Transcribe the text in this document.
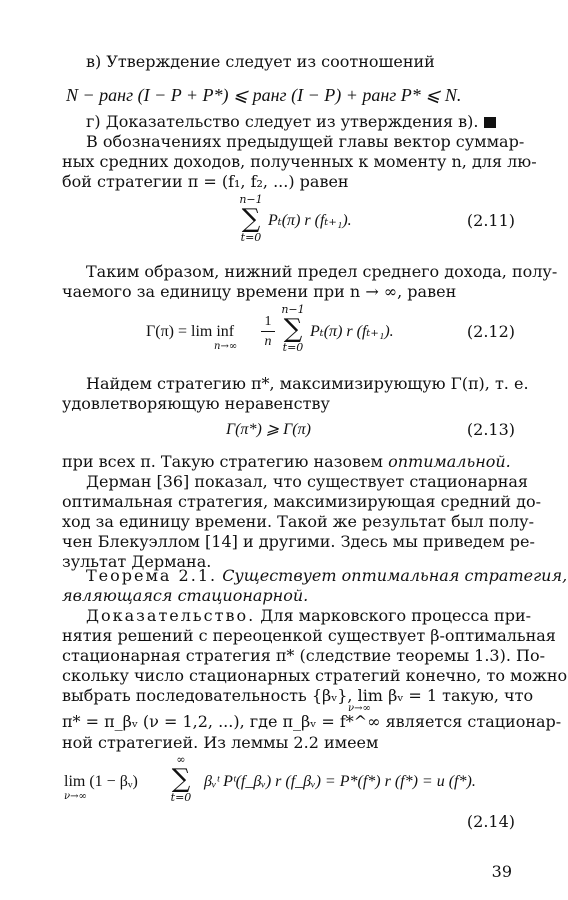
в) Утверждение следует из соотношений
N − ранг (I − P + P*) ⩽ ранг (I − P) + ранг P* ⩽ N.
г) Доказательство следует из утверждения в).
В обозначениях предыдущей главы вектор суммар-
ных средних доходов, полученных к моменту n, для лю-
бой стратегии π = (f₁, f₂, ...) равен
n−1
∑
t=0
Pₜ(π) r (fₜ₊₁).	(2.11)
Таким образом, нижний предел среднего дохода, полу-
чаемого за единицу времени при n → ∞, равен
Γ(π) = lim inf
n→∞
1
n
n−1
∑
t=0
Pₜ(π) r (fₜ₊₁).	(2.12)
Найдем стратегию π*, максимизирующую Γ(π), т. е.
удовлетворяющую неравенству
Γ(π*) ⩾ Γ(π)	(2.13)
при всех π. Такую стратегию назовем оптимальной.
Дерман [36] показал, что существует стационарная
оптимальная стратегия, максимизирующая средний до-
ход за единицу времени. Такой же результат был полу-
чен Блекуэллом [14] и другими. Здесь мы приведем ре-
зультат Дермана.
Теорема 2.1. Существует оптимальная стратегия,
являющаяся стационарной.
Доказательство. Для марковского процесса при-
нятия решений с переоценкой существует β-оптимальная
стационарная стратегия π* (следствие теоремы 1.3). По-
скольку число стационарных стратегий конечно, то можно
выбрать последовательность {βᵥ}, lim βᵥ = 1 такую, что
ν→∞
π* = π_βᵥ (ν = 1,2, ...), где π_βᵥ = f*^∞ является стационар-
ной стратегией. Из леммы 2.2 имеем
lim (1 − βᵥ)
ν→∞
∞
∑
t=0
βᵥᵗ Pᵗ(f_βᵥ) r (f_βᵥ) = P*(f*) r (f*) = u (f*).
(2.14)
39
